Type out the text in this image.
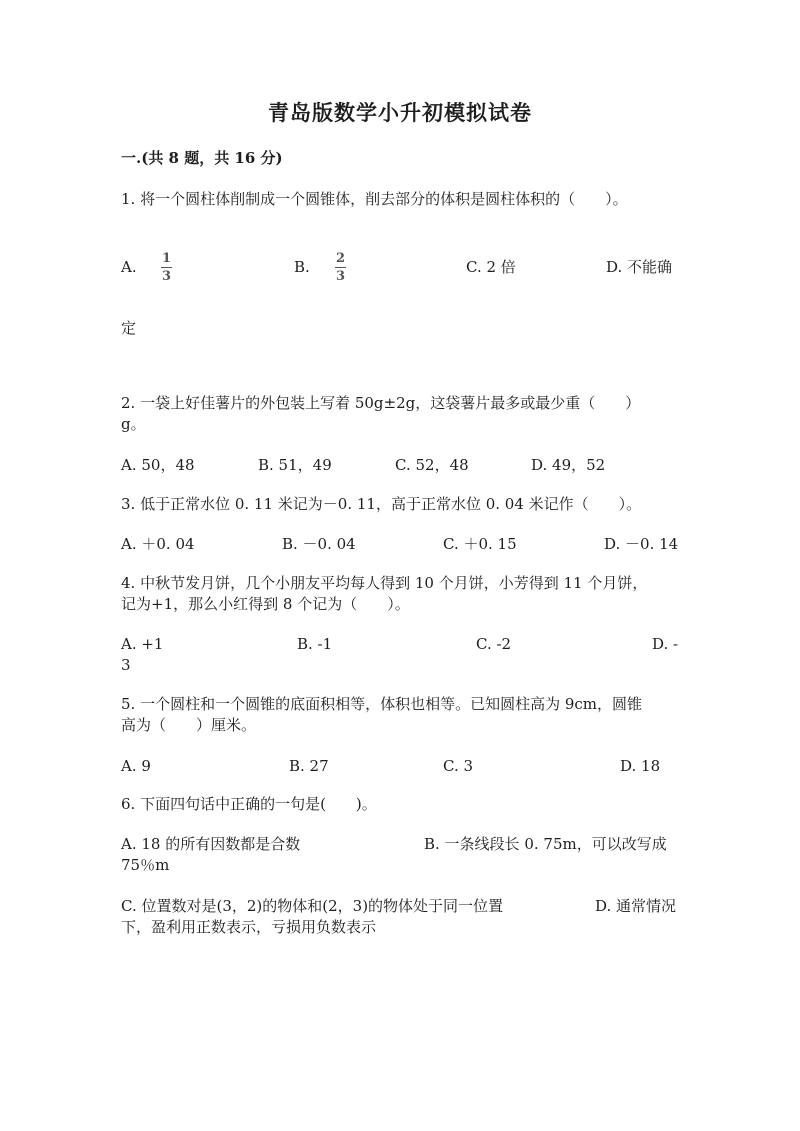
青岛版数学小升初模拟试卷
一.(共 8 题，共 16 分)
1. 将一个圆柱体削制成一个圆锥体，削去部分的体积是圆柱体积的（　　）。
A. 1
3
B. 2
3
C. 2 倍	D. 不能确
定
2. 一袋上好佳薯片的外包装上写着 50g±2g，这袋薯片最多或最少重（　　）
g。
A. 50，48	B. 51，49	C. 52，48	D. 49，52
3. 低于正常水位 0. 11 米记为－0. 11，高于正常水位 0. 04 米记作（　　）。
A. ＋0. 04	B. －0. 04	C. ＋0. 15	D. －0. 14
4. 中秋节发月饼，几个小朋友平均每人得到 10 个月饼，小芳得到 11 个月饼，
记为+1，那么小红得到 8 个记为（　　）。
A. +1	B. -1	C. -2	D. -
3
5. 一个圆柱和一个圆锥的底面积相等，体积也相等。已知圆柱高为 9cm，圆锥
高为（　　）厘米。
A. 9	B. 27	C. 3	D. 18
6. 下面四句话中正确的一句是(　　)。
A. 18 的所有因数都是合数	B. 一条线段长 0. 75m，可以改写成
75％m
C. 位置数对是(3，2)的物体和(2，3)的物体处于同一位置	D. 通常情况
下，盈利用正数表示，亏损用负数表示
